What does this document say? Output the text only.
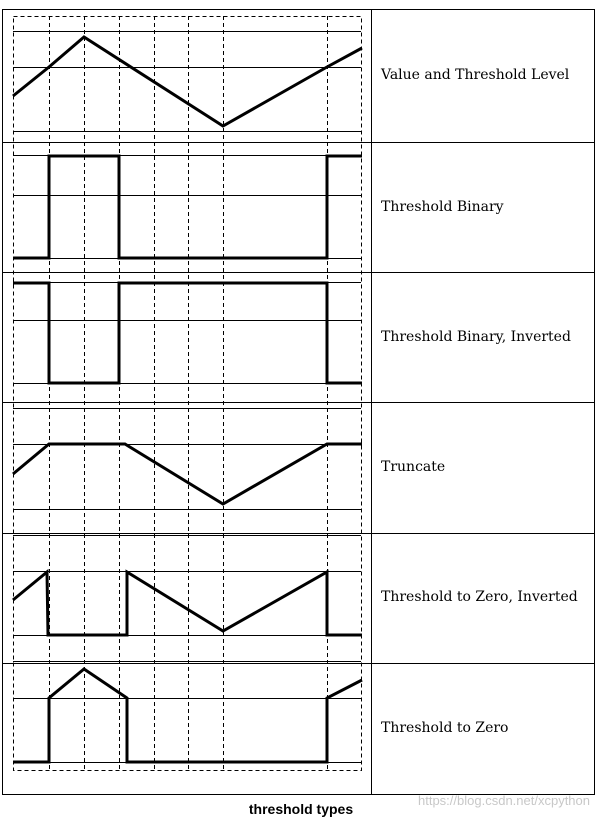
Value and Threshold Level
Threshold Binary
Threshold Binary, Inverted
Truncate
Threshold to Zero, Inverted
Threshold to Zero
threshold types
https://blog.csdn.net/xcpython
